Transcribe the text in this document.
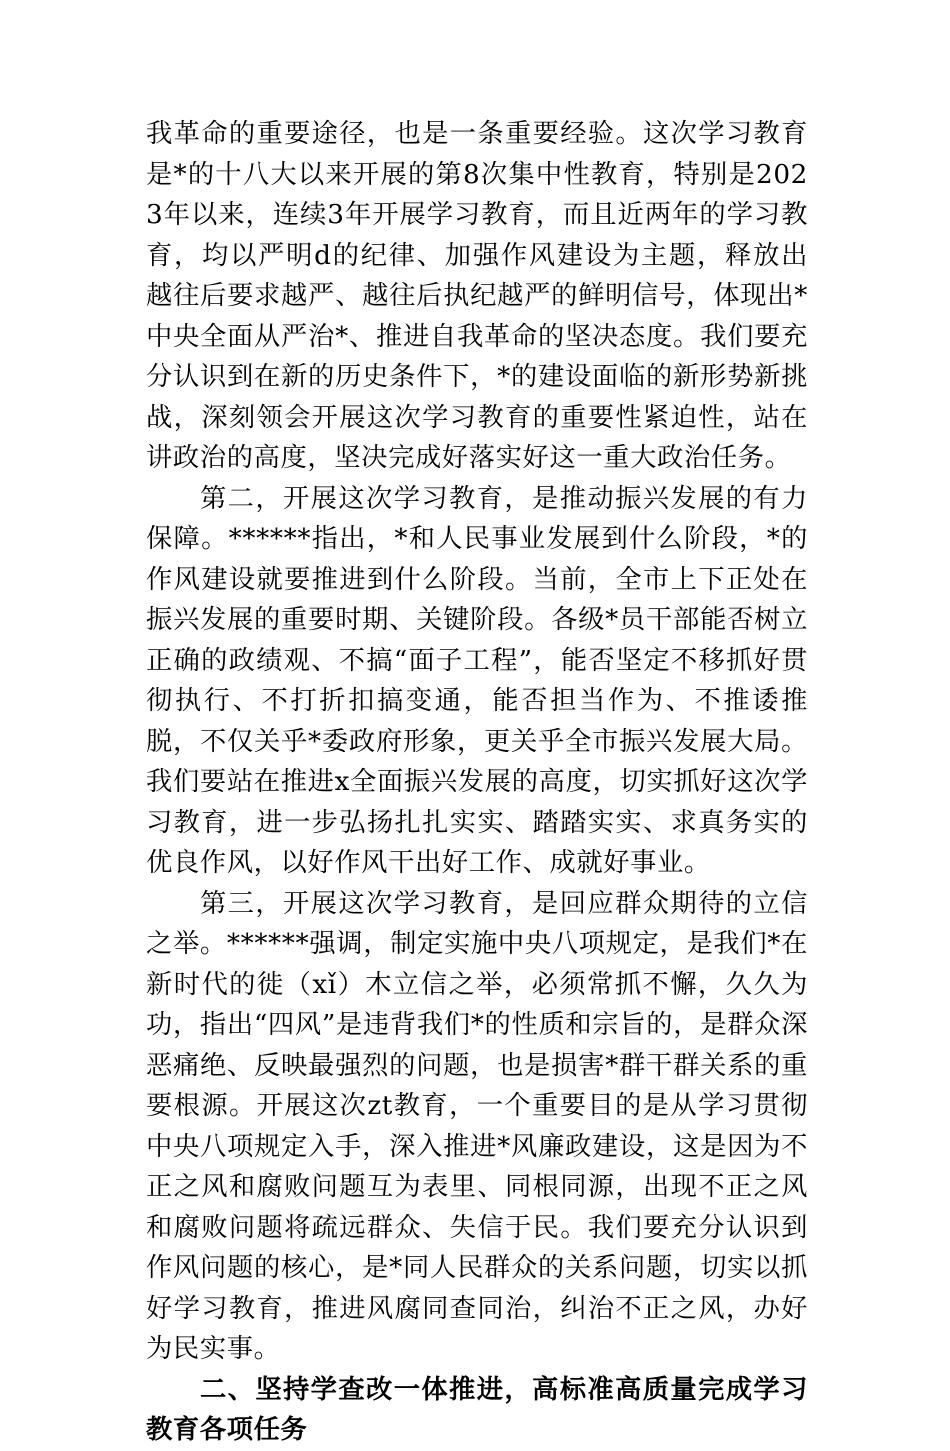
我革命的重要途径，也是一条重要经验。这次学习教育是*的十八大以来开展的第8次集中性教育，特别是2023年以来，连续3年开展学习教育，而且近两年的学习教育，均以严明d的纪律、加强作风建设为主题，释放出越往后要求越严、越往后执纪越严的鲜明信号，体现出*中央全面从严治*、推进自我革命的坚决态度。我们要充分认识到在新的历史条件下，*的建设面临的新形势新挑战，深刻领会开展这次学习教育的重要性紧迫性，站在讲政治的高度，坚决完成好落实好这一重大政治任务。

第二，开展这次学习教育，是推动振兴发展的有力保障。******指出，*和人民事业发展到什么阶段，*的作风建设就要推进到什么阶段。当前，全市上下正处在振兴发展的重要时期、关键阶段。各级*员干部能否树立正确的政绩观、不搞“面子工程”，能否坚定不移抓好贯彻执行、不打折扣搞变通，能否担当作为、不推诿推脱，不仅关乎*委政府形象，更关乎全市振兴发展大局。我们要站在推进x全面振兴发展的高度，切实抓好这次学习教育，进一步弘扬扎扎实实、踏踏实实、求真务实的优良作风，以好作风干出好工作、成就好事业。

第三，开展这次学习教育，是回应群众期待的立信之举。******强调，制定实施中央八项规定，是我们*在新时代的徙（xǐ）木立信之举，必须常抓不懈，久久为功，指出“四风”是违背我们*的性质和宗旨的，是群众深恶痛绝、反映最强烈的问题，也是损害*群干群关系的重要根源。开展这次zt教育，一个重要目的是从学习贯彻中央八项规定入手，深入推进*风廉政建设，这是因为不正之风和腐败问题互为表里、同根同源，出现不正之风和腐败问题将疏远群众、失信于民。我们要充分认识到作风问题的核心，是*同人民群众的关系问题，切实以抓好学习教育，推进风腐同查同治，纠治不正之风，办好为民实事。

二、坚持学查改一体推进，高标准高质量完成学习教育各项任务
